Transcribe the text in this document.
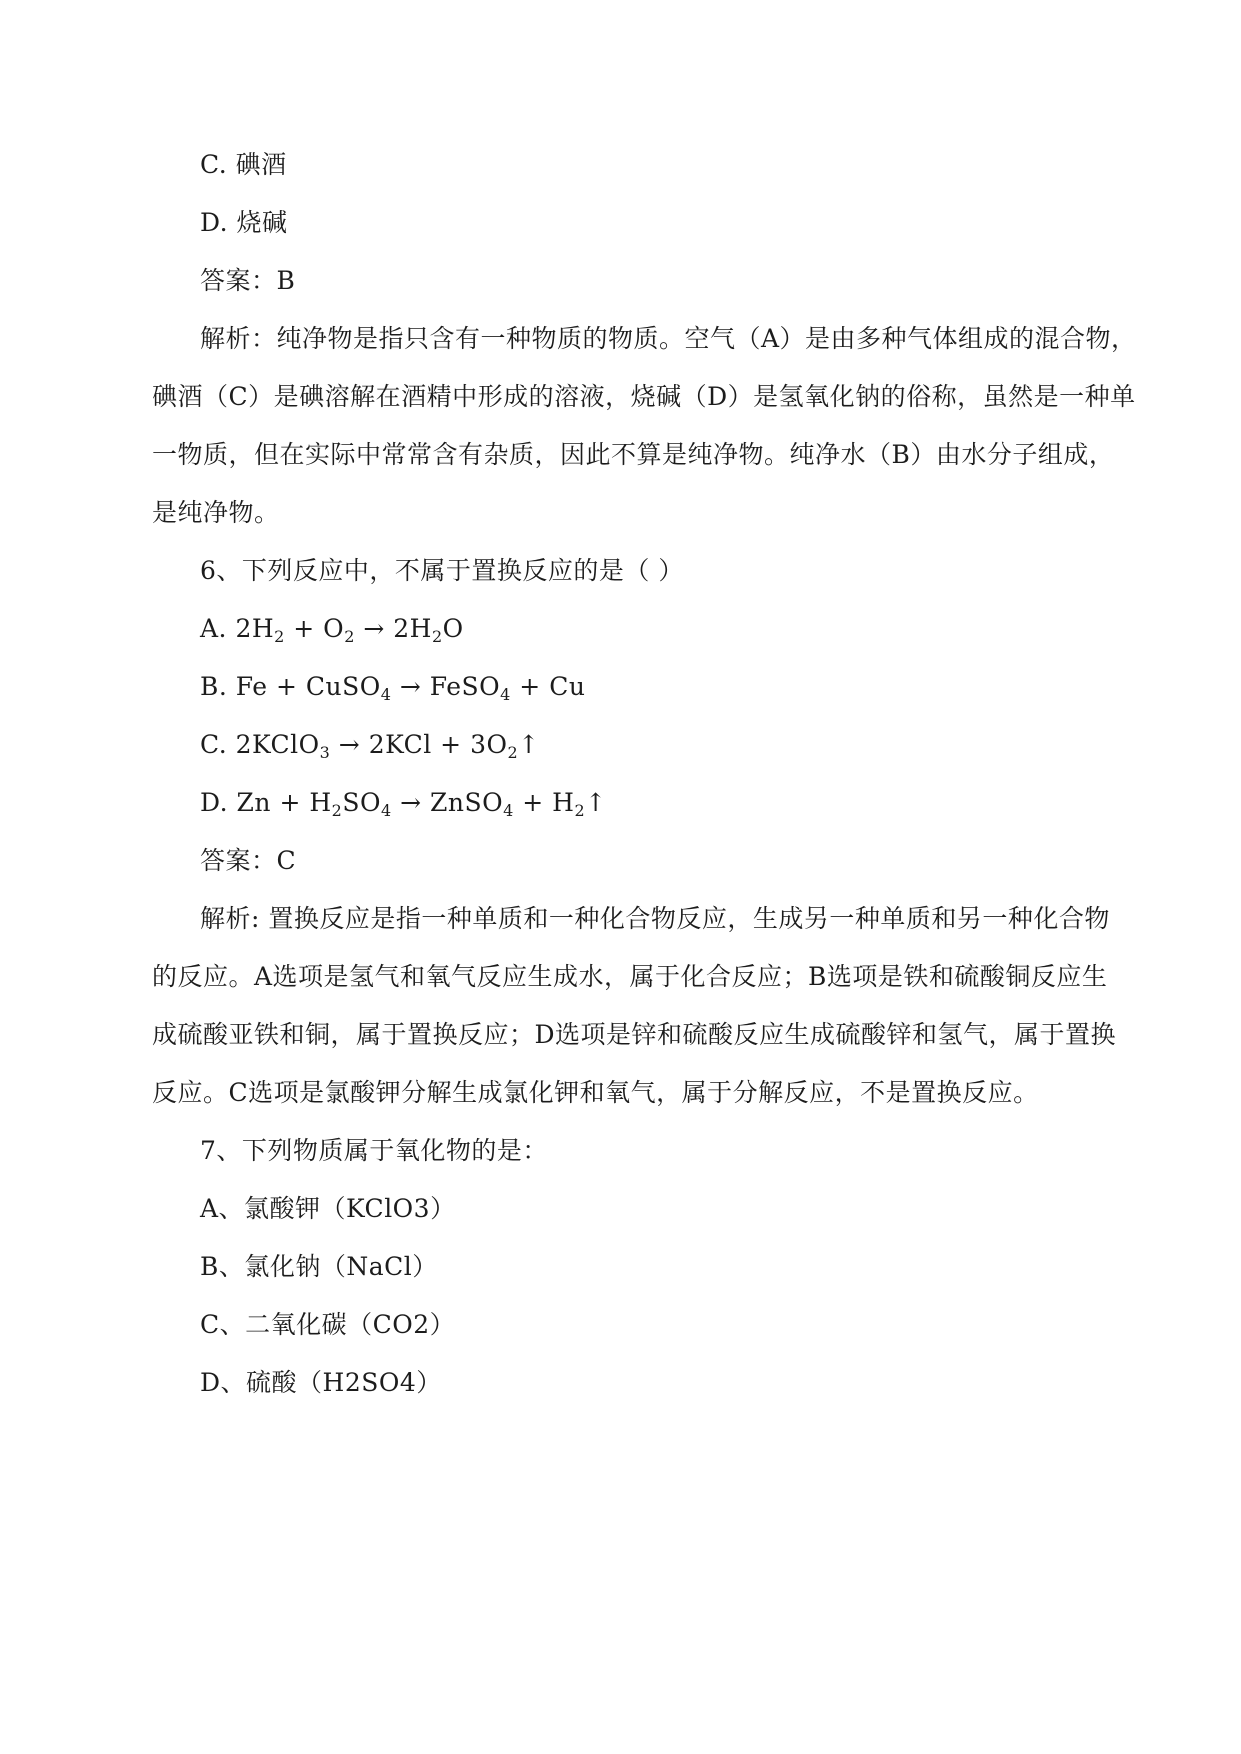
C. 碘酒
D. 烧碱
答案：B
解析：纯净物是指只含有一种物质的物质。空气（A）是由多种气体组成的混合物，
碘酒（C）是碘溶解在酒精中形成的溶液，烧碱（D）是氢氧化钠的俗称，虽然是一种单
一物质，但在实际中常常含有杂质，因此不算是纯净物。纯净水（B）由水分子组成，
是纯净物。
6、下列反应中，不属于置换反应的是（ ）
A. $2H_2 + O_2 \to 2H_2O$
B. Fe + CuSO$_4$ → FeSO$_4$ + Cu
C. 2KClO$_3$ → $2KCl + 3O_2↑$
D. $Zn + H_2SO_4$ → ZnSO$_4$ + $H_2↑$
答案：C
解析: 置换反应是指一种单质和一种化合物反应，生成另一种单质和另一种化合物
的反应。A选项是氢气和氧气反应生成水，属于化合反应；B选项是铁和硫酸铜反应生
成硫酸亚铁和铜，属于置换反应；D选项是锌和硫酸反应生成硫酸锌和氢气，属于置换
反应。C选项是氯酸钾分解生成氯化钾和氧气，属于分解反应，不是置换反应。
7、下列物质属于氧化物的是：
A、氯酸钾（KClO3）
B、氯化钠（NaCl）
C、二氧化碳（CO2）
D、硫酸（H2SO4）
